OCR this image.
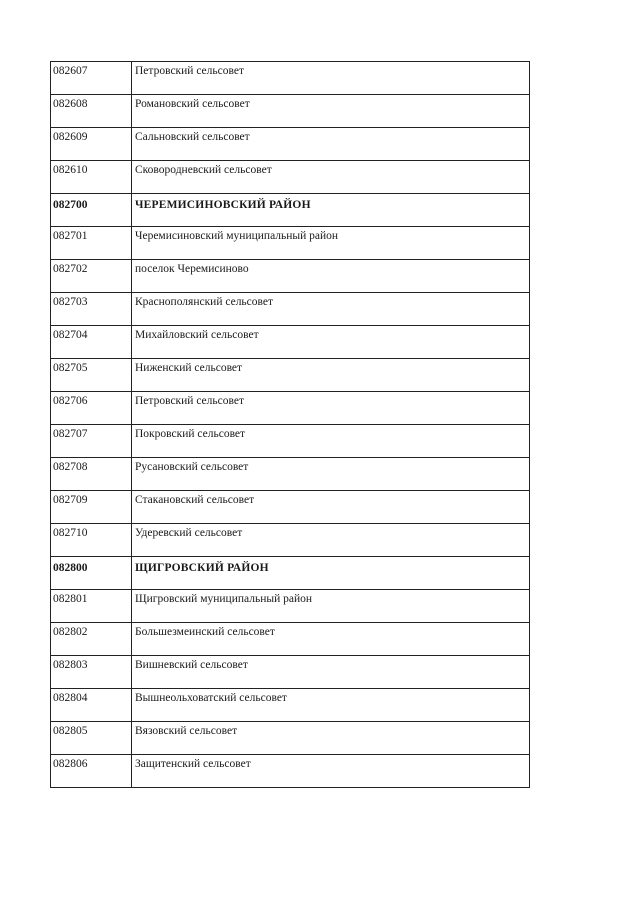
082607	Петровский сельсовет
082608	Романовский сельсовет
082609	Сальновский сельсовет
082610	Сковородневский сельсовет
082700	ЧЕРЕМИСИНОВСКИЙ РАЙОН
082701	Черемисиновский муниципальный район
082702	поселок Черемисиново
082703	Краснополянский сельсовет
082704	Михайловский сельсовет
082705	Ниженский сельсовет
082706	Петровский сельсовет
082707	Покровский сельсовет
082708	Русановский сельсовет
082709	Стакановский сельсовет
082710	Удеревский сельсовет
082800	ЩИГРОВСКИЙ РАЙОН
082801	Щигровский муниципальный район
082802	Большезмеинский сельсовет
082803	Вишневский сельсовет
082804	Вышнеольховатский сельсовет
082805	Вязовский сельсовет
082806	Защитенский сельсовет
